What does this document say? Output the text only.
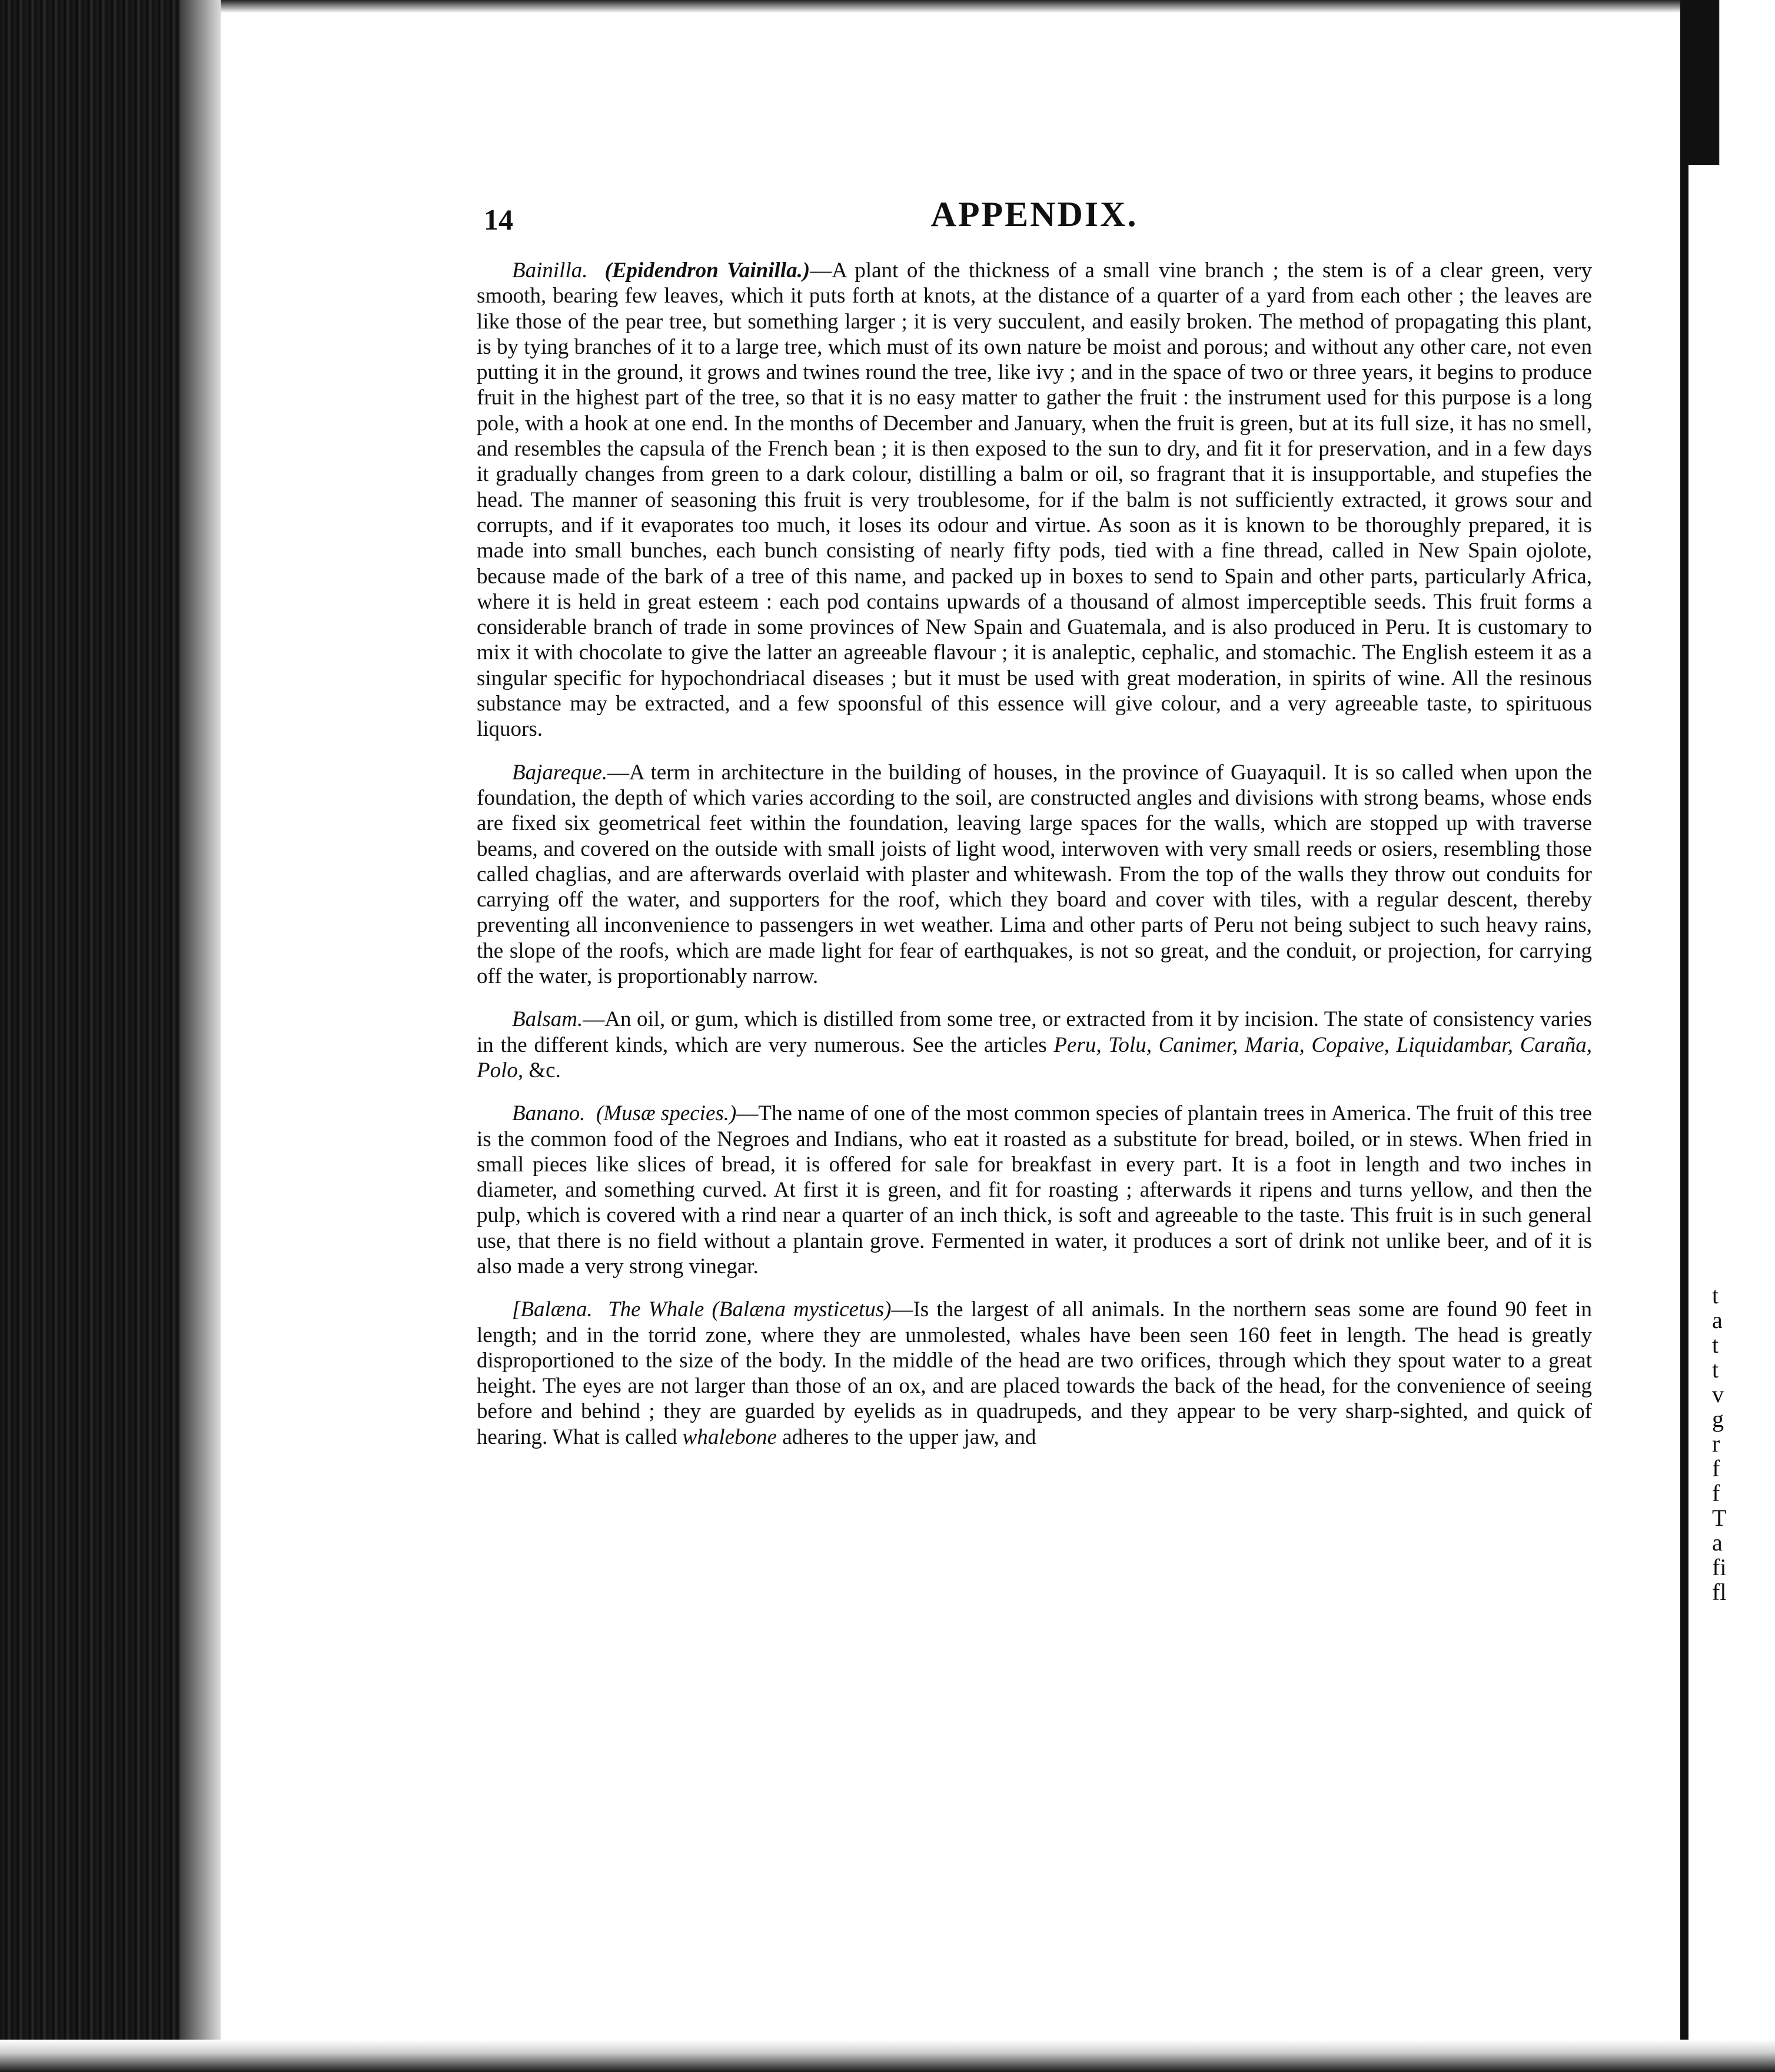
t
a
t
t
v
g
r
f
f
T
a
fi
fl
14	APPENDIX.

Bainilla. (Epidendron Vainilla.)—A plant of the thickness of a small vine branch ; the stem is of a clear green, very smooth, bearing few leaves, which it puts forth at knots, at the distance of a quarter of a yard from each other ; the leaves are like those of the pear tree, but something larger ; it is very succulent, and easily broken. The method of propagating this plant, is by tying branches of it to a large tree, which must of its own nature be moist and porous; and without any other care, not even putting it in the ground, it grows and twines round the tree, like ivy ; and in the space of two or three years, it begins to produce fruit in the highest part of the tree, so that it is no easy matter to gather the fruit : the instrument used for this purpose is a long pole, with a hook at one end. In the months of December and January, when the fruit is green, but at its full size, it has no smell, and resembles the capsula of the French bean ; it is then exposed to the sun to dry, and fit it for preservation, and in a few days it gradually changes from green to a dark colour, distilling a balm or oil, so fragrant that it is insupportable, and stupefies the head. The manner of seasoning this fruit is very troublesome, for if the balm is not sufficiently extracted, it grows sour and corrupts, and if it evaporates too much, it loses its odour and virtue. As soon as it is known to be thoroughly prepared, it is made into small bunches, each bunch consisting of nearly fifty pods, tied with a fine thread, called in New Spain ojolote, because made of the bark of a tree of this name, and packed up in boxes to send to Spain and other parts, particularly Africa, where it is held in great esteem : each pod contains upwards of a thousand of almost imperceptible seeds. This fruit forms a considerable branch of trade in some provinces of New Spain and Guatemala, and is also produced in Peru. It is customary to mix it with chocolate to give the latter an agreeable flavour ; it is analeptic, cephalic, and stomachic. The English esteem it as a singular specific for hypochondriacal diseases ; but it must be used with great moderation, in spirits of wine. All the resinous substance may be extracted, and a few spoonsful of this essence will give colour, and a very agreeable taste, to spirituous liquors.

Bajareque.—A term in architecture in the building of houses, in the province of Guayaquil. It is so called when upon the foundation, the depth of which varies according to the soil, are constructed angles and divisions with strong beams, whose ends are fixed six geometrical feet within the foundation, leaving large spaces for the walls, which are stopped up with traverse beams, and covered on the outside with small joists of light wood, interwoven with very small reeds or osiers, resembling those called chaglias, and are afterwards overlaid with plaster and whitewash. From the top of the walls they throw out conduits for carrying off the water, and supporters for the roof, which they board and cover with tiles, with a regular descent, thereby preventing all inconvenience to passengers in wet weather. Lima and other parts of Peru not being subject to such heavy rains, the slope of the roofs, which are made light for fear of earthquakes, is not so great, and the conduit, or projection, for carrying off the water, is proportionably narrow.

Balsam.—An oil, or gum, which is distilled from some tree, or extracted from it by incision. The state of consistency varies in the different kinds, which are very numerous. See the articles Peru, Tolu, Canimer, Maria, Copaive, Liquidambar, Caraña, Polo, &c.

Banano. (Musæ species.)—The name of one of the most common species of plantain trees in America. The fruit of this tree is the common food of the Negroes and Indians, who eat it roasted as a substitute for bread, boiled, or in stews. When fried in small pieces like slices of bread, it is offered for sale for breakfast in every part. It is a foot in length and two inches in diameter, and something curved. At first it is green, and fit for roasting ; afterwards it ripens and turns yellow, and then the pulp, which is covered with a rind near a quarter of an inch thick, is soft and agreeable to the taste. This fruit is in such general use, that there is no field without a plantain grove. Fermented in water, it produces a sort of drink not unlike beer, and of it is also made a very strong vinegar.

[Balæna. The Whale (Balæna mysticetus)—Is the largest of all animals. In the northern seas some are found 90 feet in length; and in the torrid zone, where they are unmolested, whales have been seen 160 feet in length. The head is greatly disproportioned to the size of the body. In the middle of the head are two orifices, through which they spout water to a great height. The eyes are not larger than those of an ox, and are placed towards the back of the head, for the convenience of seeing before and behind ; they are guarded by eyelids as in quadrupeds, and they appear to be very sharp-sighted, and quick of hearing. What is called whalebone adheres to the upper jaw, and
